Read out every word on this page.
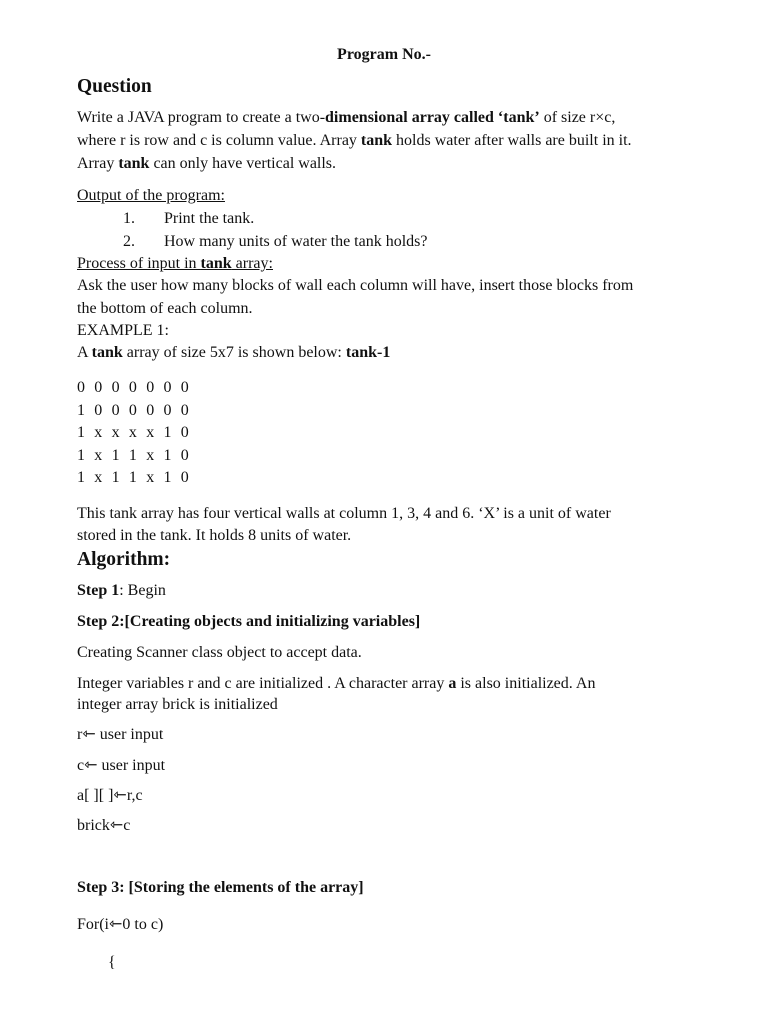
Program No.-
Question
Write a JAVA program to create a two-dimensional array called ‘tank’ of size r×c,
where r is row and c is column value. Array tank holds water after walls are built in it.
Array tank can only have vertical walls.
Output of the program:
1. Print the tank.
2. How many units of water the tank holds?
Process of input in tank array:
Ask the user how many blocks of wall each column will have, insert those blocks from
the bottom of each column.
EXAMPLE 1:
A tank array of size 5x7 is shown below: tank-1
0 0 0 0 0 0 0
1 0 0 0 0 0 0
1 x x x x 1 0
1 x 1 1 x 1 0
1 x 1 1 x 1 0
This tank array has four vertical walls at column 1, 3, 4 and 6. ‘X’ is a unit of water
stored in the tank. It holds 8 units of water.
Algorithm:
Step 1: Begin
Step 2:[Creating objects and initializing variables]
Creating Scanner class object to accept data.
Integer variables r and c are initialized . A character array a is also initialized. An
integer array brick is initialized
r⇽ user input
c⇽ user input
a[ ][ ]⇽r,c
brick⇽c
Step 3: [Storing the elements of the array]
For(i⇽0 to c)
{
